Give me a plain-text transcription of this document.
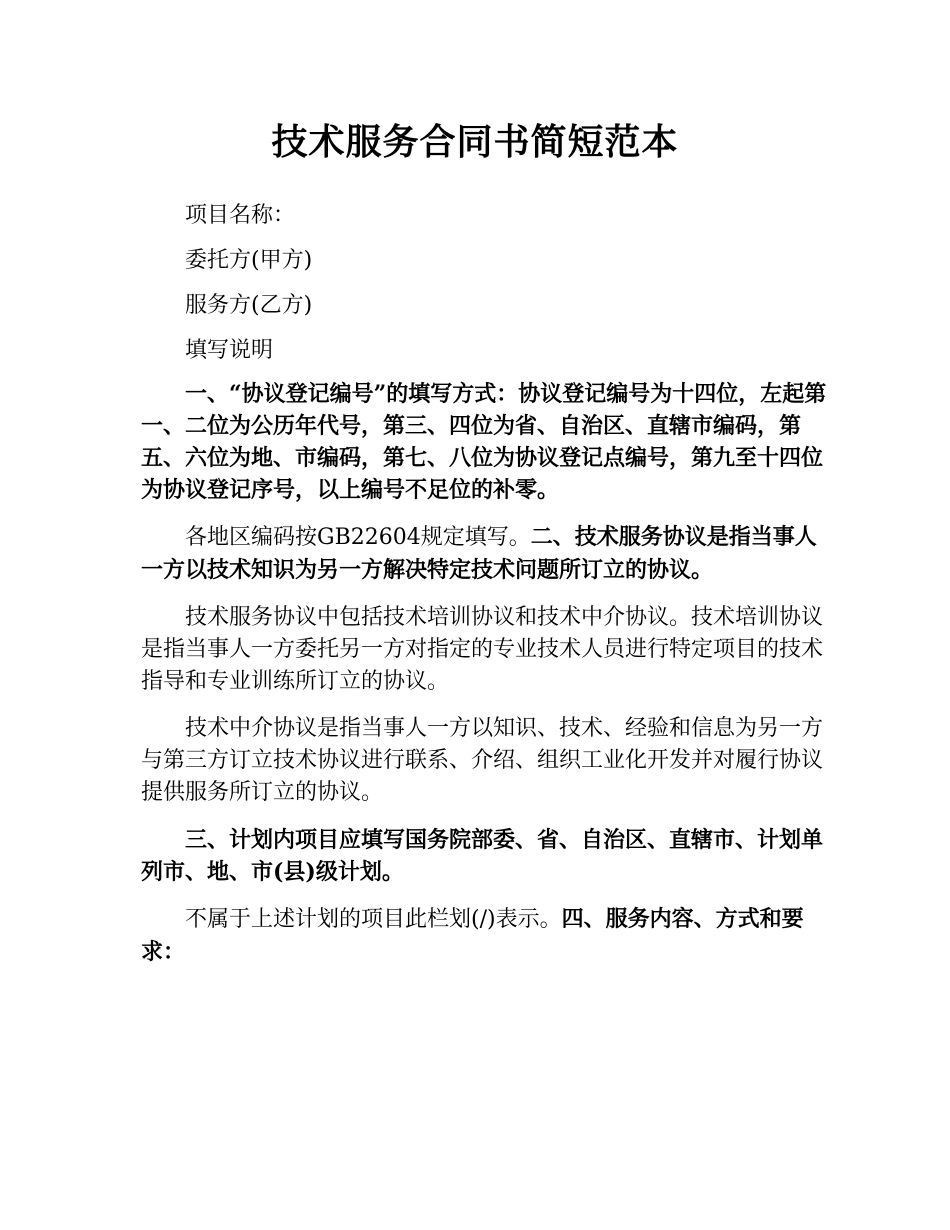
技术服务合同书简短范本

项目名称：

委托方(甲方)

服务方(乙方)

填写说明

一、“协议登记编号”的填写方式：协议登记编号为十四位，左起第一、二位为公历年代号，第三、四位为省、自治区、直辖市编码，第五、六位为地、市编码，第七、八位为协议登记点编号，第九至十四位为协议登记序号，以上编号不足位的补零。

各地区编码按GB22604规定填写。二、技术服务协议是指当事人一方以技术知识为另一方解决特定技术问题所订立的协议。

技术服务协议中包括技术培训协议和技术中介协议。技术培训协议是指当事人一方委托另一方对指定的专业技术人员进行特定项目的技术指导和专业训练所订立的协议。

技术中介协议是指当事人一方以知识、技术、经验和信息为另一方与第三方订立技术协议进行联系、介绍、组织工业化开发并对履行协议提供服务所订立的协议。

三、计划内项目应填写国务院部委、省、自治区、直辖市、计划单列市、地、市(县)级计划。

不属于上述计划的项目此栏划(/)表示。四、服务内容、方式和要求：
